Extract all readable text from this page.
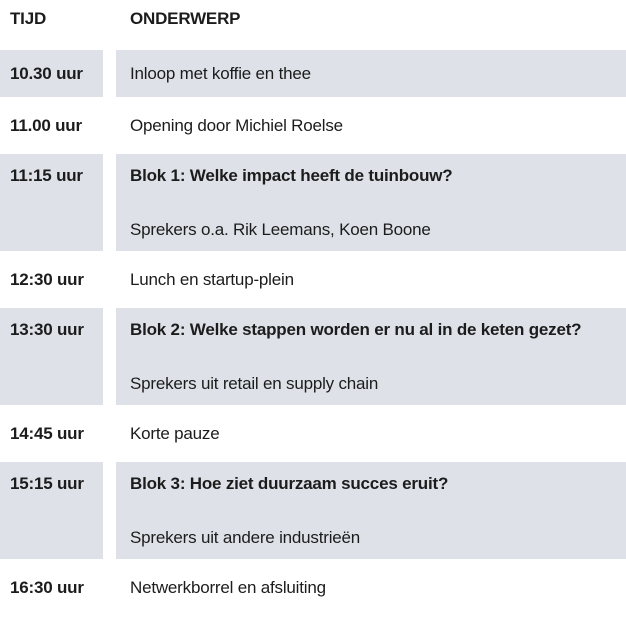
TIJD	ONDERWERP
10.30 uur	Inloop met koffie en thee
11.00 uur	Opening door Michiel Roelse
11:15 uur	Blok 1: Welke impact heeft de tuinbouw?
Sprekers o.a. Rik Leemans, Koen Boone
12:30 uur	Lunch en startup-plein
13:30 uur	Blok 2: Welke stappen worden er nu al in de keten gezet?
Sprekers uit retail en supply chain
14:45 uur	Korte pauze
15:15 uur	Blok 3: Hoe ziet duurzaam succes eruit?
Sprekers uit andere industrieën
16:30 uur	Netwerkborrel en afsluiting
